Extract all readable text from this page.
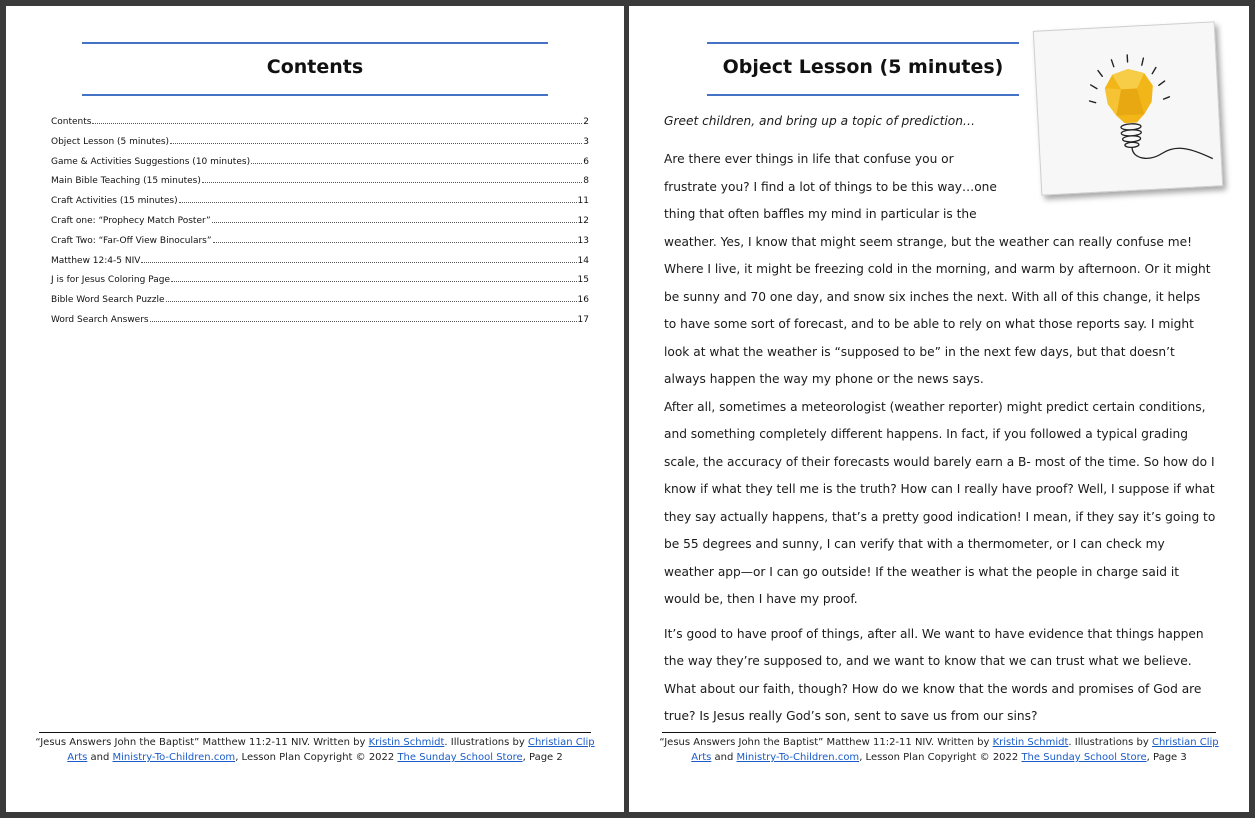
Contents
Contents	2
Object Lesson (5 minutes)	3
Game & Activities Suggestions (10 minutes)	6
Main Bible Teaching (15 minutes)	8
Craft Activities (15 minutes)	11
Craft one: “Prophecy Match Poster”	12
Craft Two: “Far-Off View Binoculars”	13
Matthew 12:4-5 NIV	14
J is for Jesus Coloring Page	15
Bible Word Search Puzzle	16
Word Search Answers	17
“Jesus Answers John the Baptist” Matthew 11:2-11 NIV. Written by Kristin Schmidt. Illustrations by Christian Clip Arts and Ministry-To-Children.com, Lesson Plan Copyright © 2022 The Sunday School Store, Page 2
Object Lesson (5 minutes)
Greet children, and bring up a topic of prediction…

Are there ever things in life that confuse you or frustrate you? I find a lot of things to be this way…one thing that often baffles my mind in particular is the weather. Yes, I know that might seem strange, but the weather can really confuse me! Where I live, it might be freezing cold in the morning, and warm by afternoon. Or it might be sunny and 70 one day, and snow six inches the next. With all of this change, it helps to have some sort of forecast, and to be able to rely on what those reports say. I might look at what the weather is “supposed to be” in the next few days, but that doesn’t always happen the way my phone or the news says.

After all, sometimes a meteorologist (weather reporter) might predict certain conditions, and something completely different happens. In fact, if you followed a typical grading scale, the accuracy of their forecasts would barely earn a B- most of the time. So how do I know if what they tell me is the truth? How can I really have proof? Well, I suppose if what they say actually happens, that’s a pretty good indication! I mean, if they say it’s going to be 55 degrees and sunny, I can verify that with a thermometer, or I can check my weather app—or I can go outside! If the weather is what the people in charge said it would be, then I have my proof.

It’s good to have proof of things, after all. We want to have evidence that things happen the way they’re supposed to, and we want to know that we can trust what we believe. What about our faith, though? How do we know that the words and promises of God are true? Is Jesus really God’s son, sent to save us from our sins?

“Jesus Answers John the Baptist” Matthew 11:2-11 NIV. Written by Kristin Schmidt. Illustrations by Christian Clip Arts and Ministry-To-Children.com, Lesson Plan Copyright © 2022 The Sunday School Store, Page 3
